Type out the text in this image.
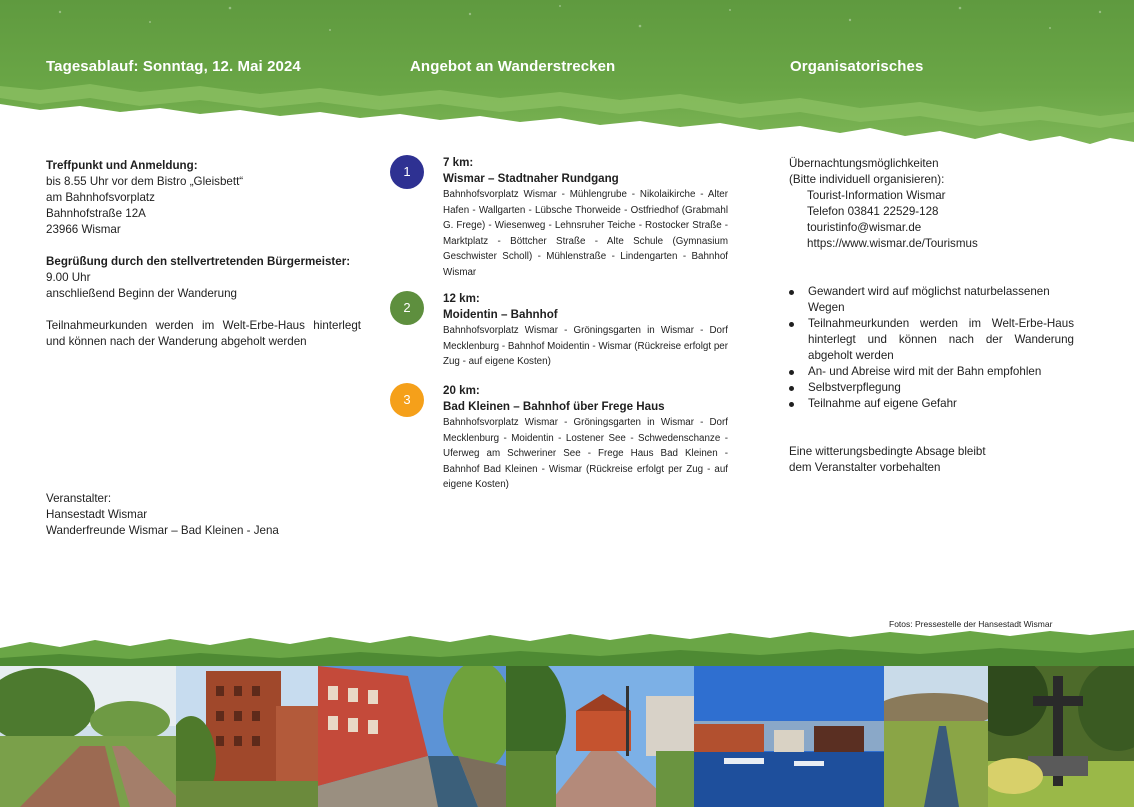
Tagesablauf: Sonntag, 12. Mai 2024	Angebot an Wanderstrecken	Organisatorisches

Treffpunkt und Anmeldung:

bis 8.55 Uhr vor dem Bistro „Gleisbett“

am Bahnhofsvorplatz

Bahnhofstraße 12A

23966 Wismar

Begrüßung durch den stellvertretenden Bürgermeister:

9.00 Uhr

anschließend Beginn der Wanderung

Teilnahmeurkunden werden im Welt-Erbe-Haus hinterlegt und können nach der Wanderung abgeholt werden

Veranstalter:

Hansestadt Wismar

Wanderfreunde Wismar – Bad Kleinen - Jena

1
7 km:
Wismar – Stadtnaher Rundgang
Bahnhofsvorplatz Wismar - Mühlengrube - Nikolaikirche - Alter Hafen - Wallgarten - Lübsche Thorweide - Ostfriedhof (Grabmahl G. Frege) - Wiesenweg - Lehnsruher Teiche - Rostocker Straße - Marktplatz - Böttcher Straße - Alte Schule (Gymnasium Geschwister Scholl) - Mühlenstraße - Lindengarten - Bahnhof Wismar
2
12 km:
Moidentin – Bahnhof
Bahnhofsvorplatz Wismar - Gröningsgarten in Wismar - Dorf Mecklenburg - Bahnhof Moidentin - Wismar (Rückreise erfolgt per Zug - auf eigene Kosten)
3
20 km:
Bad Kleinen – Bahnhof über Frege Haus
Bahnhofsvorplatz Wismar - Gröningsgarten in Wismar - Dorf Mecklenburg - Moidentin - Lostener See - Schwedenschanze - Uferweg am Schweriner See - Frege Haus Bad Kleinen - Bahnhof Bad Kleinen - Wismar (Rückreise erfolgt per Zug - auf eigene Kosten)

Übernachtungsmöglichkeiten

(Bitte individuell organisieren):

Tourist-Information Wismar

Telefon 03841 22529-128

touristinfo@wismar.de

https://www.wismar.de/Tourismus

Gewandert wird auf möglichst naturbelassenen Wegen
Teilnahmeurkunden werden im Welt-Erbe-Haus hinterlegt und können nach der Wanderung abgeholt werden
An- und Abreise wird mit der Bahn empfohlen
Selbstverpflegung
Teilnahme auf eigene Gefahr

Eine witterungsbedingte Absage bleibt

dem Veranstalter vorbehalten

Fotos: Pressestelle der Hansestadt Wismar
